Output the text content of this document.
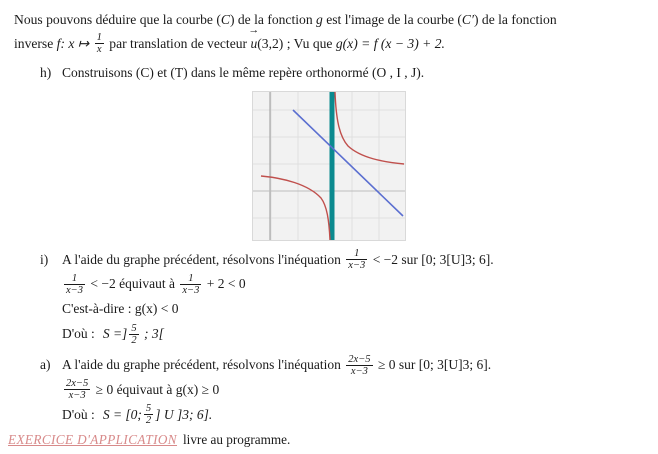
Nous pouvons déduire que la courbe (C) de la fonction g est l'image de la courbe (C′) de la fonction
inverse f: x ↦ $\frac{1}{x}$ par translation de vecteur u →(3,2) ; Vu que g(x) = f (x − 3) + 2.
h) Construisons (C) et (T) dans le même repère orthonormé (O , I , J).
i)	A l'aide du graphe précédent, résolvons l'inéquation $\frac{1}{x-3} < -2$ sur [0; 3[U]3; 6].
$\frac{1}{x-3} < -2$ équivaut à $\frac{1}{x-3} + 2 < 0$
C'est-à-dire : g(x) < 0
D'où : S =] $\frac{5}{2}$ ; 3[
a) A l'aide du graphe précédent, résolvons l'inéquation $\frac{2x-5}{x-3} \ge 0$ sur [0; 3[U]3; 6].
$\frac{2x-5}{x-3} \ge 0$ équivaut à g(x) ≥ 0
D'où : S = [0; $\frac{5}{2}$ ] U ]3; 6].
EXERCICE D'APPLICATION livre au programme.
